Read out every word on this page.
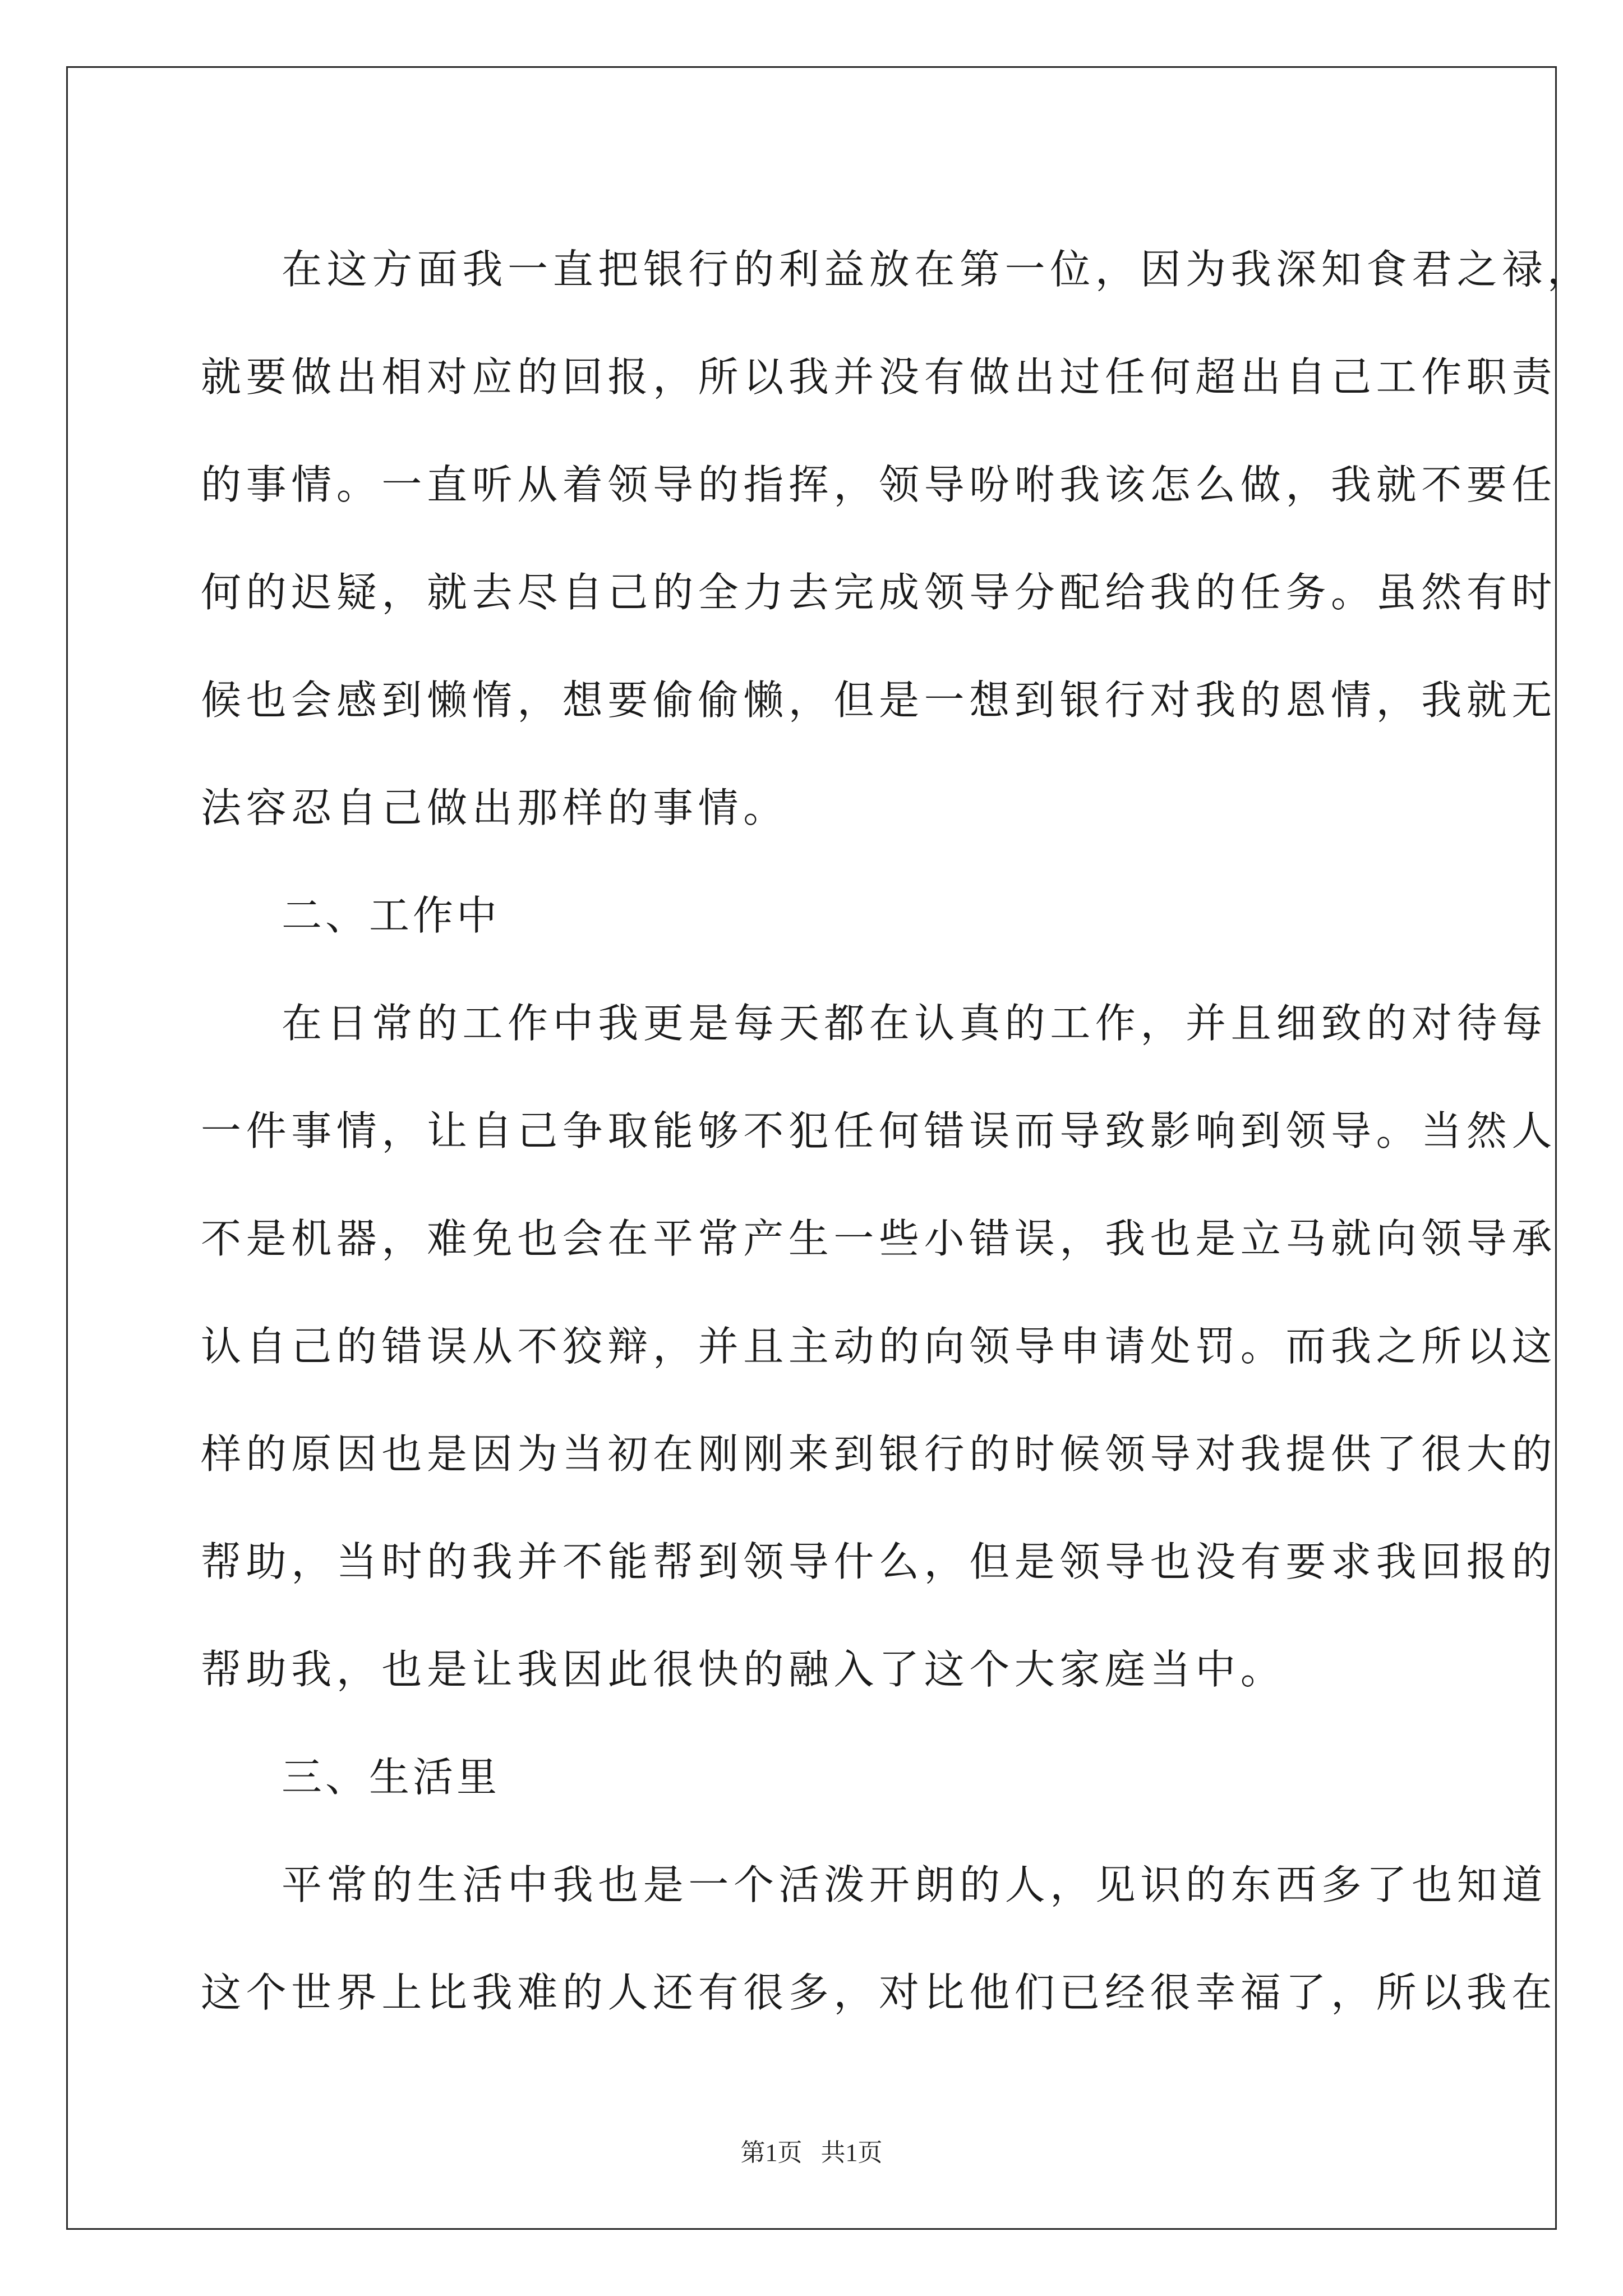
在这方面我一直把银行的利益放在第一位，因为我深知食君之禄，
就要做出相对应的回报，所以我并没有做出过任何超出自己工作职责
的事情。一直听从着领导的指挥，领导吩咐我该怎么做，我就不要任
何的迟疑，就去尽自己的全力去完成领导分配给我的任务。虽然有时
候也会感到懒惰，想要偷偷懒，但是一想到银行对我的恩情，我就无
法容忍自己做出那样的事情。
二、工作中
在日常的工作中我更是每天都在认真的工作，并且细致的对待每
一件事情，让自己争取能够不犯任何错误而导致影响到领导。当然人
不是机器，难免也会在平常产生一些小错误，我也是立马就向领导承
认自己的错误从不狡辩，并且主动的向领导申请处罚。而我之所以这
样的原因也是因为当初在刚刚来到银行的时候领导对我提供了很大的
帮助，当时的我并不能帮到领导什么，但是领导也没有要求我回报的
帮助我，也是让我因此很快的融入了这个大家庭当中。
三、生活里
平常的生活中我也是一个活泼开朗的人，见识的东西多了也知道
这个世界上比我难的人还有很多，对比他们已经很幸福了，所以我在
第1页   共1页
